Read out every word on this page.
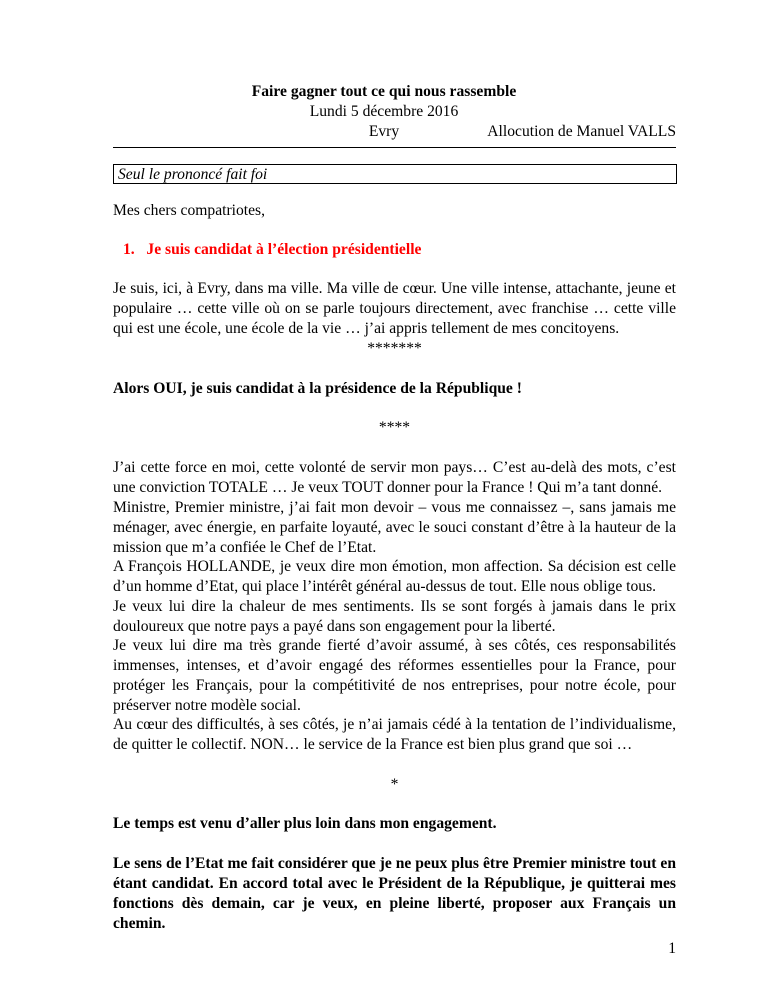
Faire gagner tout ce qui nous rassemble
Lundi 5 décembre 2016
Evry	Allocution de Manuel VALLS
Seul le prononcé fait foi
Mes chers compatriotes,
1. Je suis candidat à l’élection présidentielle
Je suis, ici, à Evry, dans ma ville. Ma ville de cœur. Une ville intense, attachante, jeune et populaire … cette ville où on se parle toujours directement, avec franchise … cette ville qui est une école, une école de la vie … j’ai appris tellement de mes concitoyens.
*******
Alors OUI, je suis candidat à la présidence de la République !
****
J’ai cette force en moi, cette volonté de servir mon pays… C’est au-delà des mots, c’est une conviction TOTALE … Je veux TOUT donner pour la France ! Qui m’a tant donné.
Ministre, Premier ministre, j’ai fait mon devoir – vous me connaissez –, sans jamais me ménager, avec énergie, en parfaite loyauté, avec le souci constant d’être à la hauteur de la mission que m’a confiée le Chef de l’Etat.
A François HOLLANDE, je veux dire mon émotion, mon affection. Sa décision est celle d’un homme d’Etat, qui place l’intérêt général au-dessus de tout. Elle nous oblige tous.
Je veux lui dire la chaleur de mes sentiments. Ils se sont forgés à jamais dans le prix douloureux que notre pays a payé dans son engagement pour la liberté.
Je veux lui dire ma très grande fierté d’avoir assumé, à ses côtés, ces responsabilités immenses, intenses, et d’avoir engagé des réformes essentielles pour la France, pour protéger les Français, pour la compétitivité de nos entreprises, pour notre école, pour préserver notre modèle social.
Au cœur des difficultés, à ses côtés, je n’ai jamais cédé à la tentation de l’individualisme, de quitter le collectif. NON… le service de la France est bien plus grand que soi …
*
Le temps est venu d’aller plus loin dans mon engagement.
Le sens de l’Etat me fait considérer que je ne peux plus être Premier ministre tout en étant candidat. En accord total avec le Président de la République, je quitterai mes fonctions dès demain, car je veux, en pleine liberté, proposer aux Français un chemin.
1
